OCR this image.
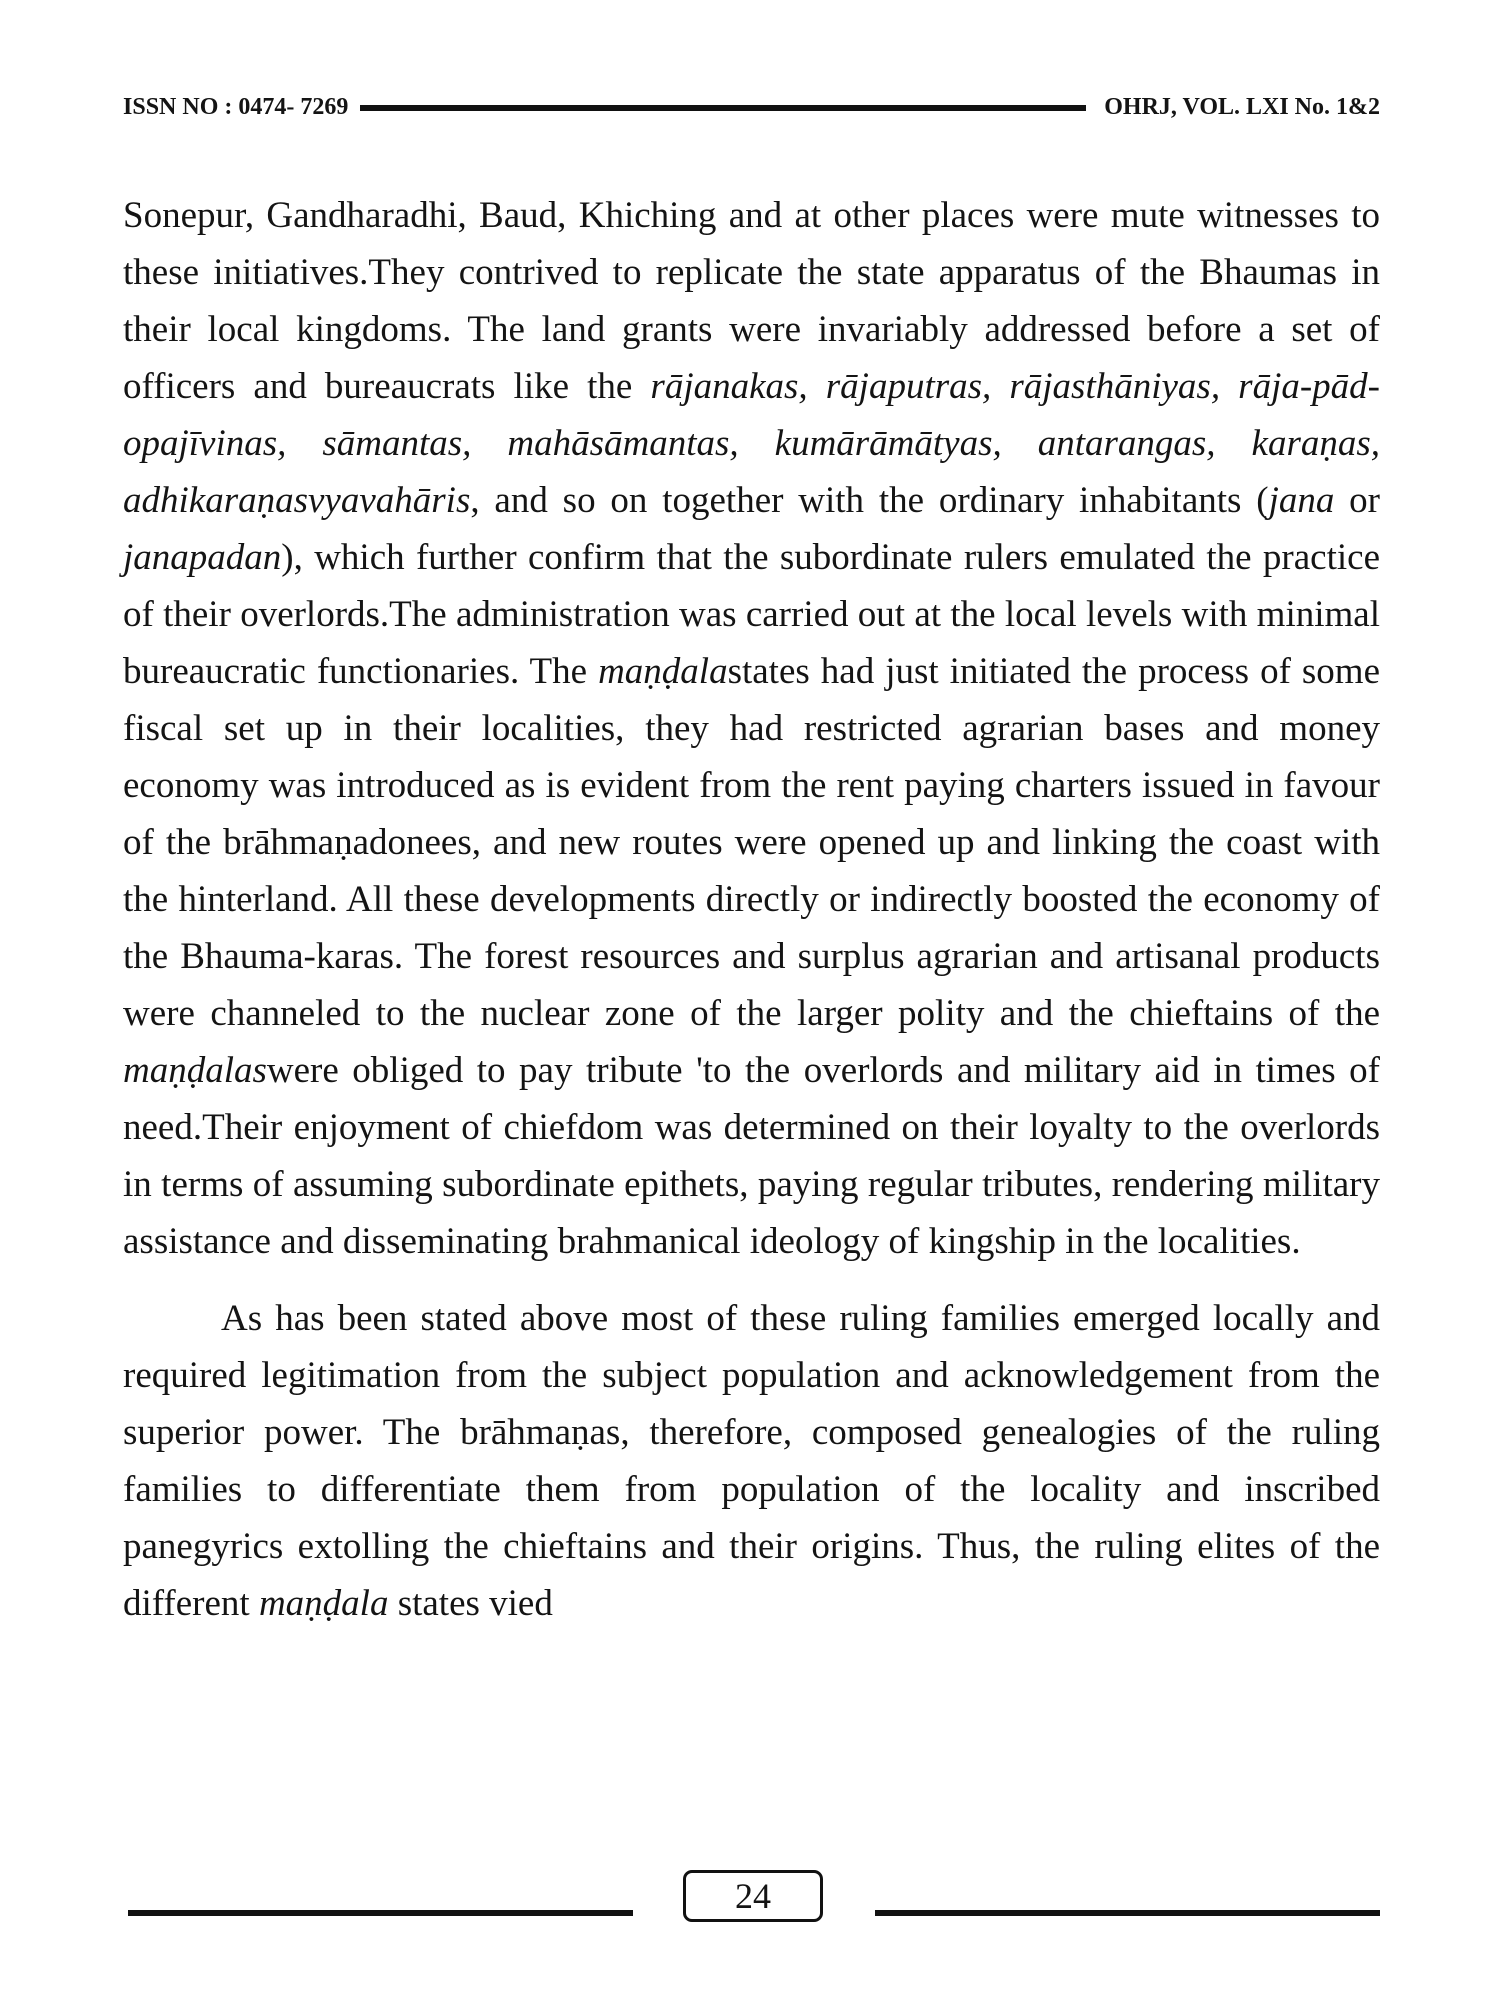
ISSN NO : 0474- 7269	OHRJ, VOL. LXI No. 1&2

Sonepur, Gandharadhi, Baud, Khiching and at other places were mute witnesses to these initiatives.They contrived to replicate the state apparatus of the Bhaumas in their local kingdoms. The land grants were invariably addressed before a set of officers and bureaucrats like the rājanakas, rājaputras, rājasthāniyas, rāja-pād-opajīvinas, sāmantas, mahāsāmantas, kumārāmātyas, antarangas, karaṇas, adhikaraṇasvyavahāris, and so on together with the ordinary inhabitants (jana or janapadan), which further confirm that the subordinate rulers emulated the practice of their overlords.The administration was carried out at the local levels with minimal bureaucratic functionaries. The maṇḍalastates had just initiated the process of some fiscal set up in their localities, they had restricted agrarian bases and money economy was introduced as is evident from the rent paying charters issued in favour of the brāhmaṇadonees, and new routes were opened up and linking the coast with the hinterland. All these developments directly or indirectly boosted the economy of the Bhauma-karas. The forest resources and surplus agrarian and artisanal products were channeled to the nuclear zone of the larger polity and the chieftains of the maṇḍalaswere obliged to pay tribute 'to the overlords and military aid in times of need.Their enjoyment of chiefdom was determined on their loyalty to the overlords in terms of assuming subordinate epithets, paying regular tributes, rendering military assistance and disseminating brahmanical ideology of kingship in the localities.

As has been stated above most of these ruling families emerged locally and required legitimation from the subject population and acknowledgement from the superior power. The brāhmaṇas, therefore, composed genealogies of the ruling families to differentiate them from population of the locality and inscribed panegyrics extolling the chieftains and their origins. Thus, the ruling elites of the different maṇḍala states vied

24
